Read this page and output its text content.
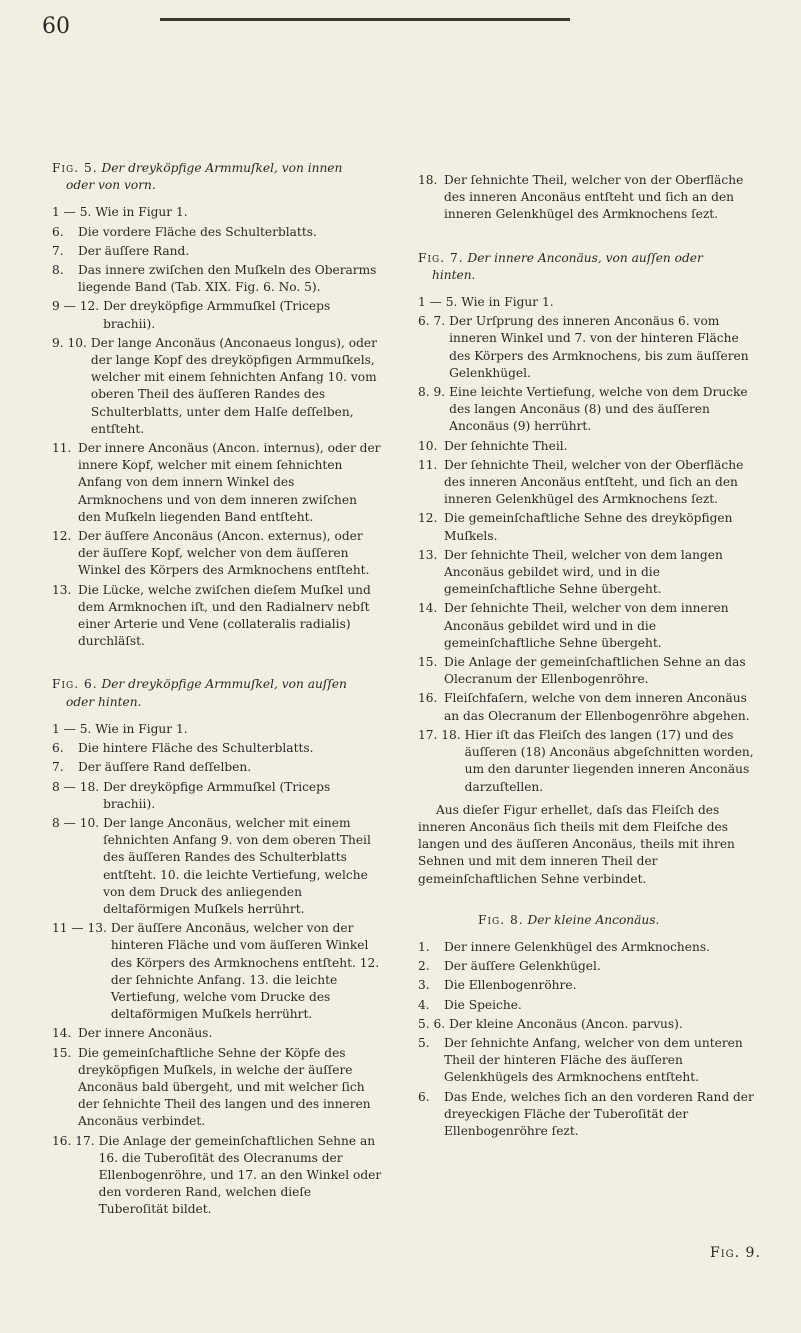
60
Fig. 5. Der dreyköpfige Armmuſkel, von innen
oder von vorn.
1 — 5. Wie in Figur 1.
6.	Die vordere Fläche des Schulterblatts.
7.	Der äuſſere Rand.
8.	Das innere zwiſchen den Muſkeln des Oberarms liegende Band (Tab. XIX. Fig. 6. No. 5).
9 — 12. Der dreyköpfige Armmuſkel (Triceps brachii).
9. 10. Der lange Anconäus (Anconaeus longus), oder der lange Kopf des dreyköpfigen Armmuſkels, welcher mit einem ſehnichten Anfang 10. vom oberen Theil des äuſſeren Randes des Schulterblatts, unter dem Halſe deſſelben, entſteht.
11. Der innere Anconäus (Ancon. internus), oder der innere Kopf, welcher mit einem ſehnichten Anfang von dem innern Winkel des Armknochens und von dem inneren zwiſchen den Muſkeln liegenden Band entſteht.
12. Der äuſſere Anconäus (Ancon. externus), oder der äuſſere Kopf, welcher von dem äuſſeren Winkel des Körpers des Armknochens entſteht.
13. Die Lücke, welche zwiſchen dieſem Muſkel und dem Armknochen iſt, und den Radialnerv nebſt einer Arterie und Vene (collateralis radialis) durchläſst.
Fig. 6. Der dreyköpfige Armmuſkel, von auſſen
oder hinten.
1 — 5. Wie in Figur 1.
6.	Die hintere Fläche des Schulterblatts.
7.	Der äuſſere Rand deſſelben.
8 — 18. Der dreyköpfige Armmuſkel (Triceps brachii).
8 — 10. Der lange Anconäus, welcher mit einem ſehnichten Anfang 9. von dem oberen Theil des äuſſeren Randes des Schulterblatts entſteht. 10. die leichte Vertiefung, welche von dem Druck des anliegenden deltaförmigen Muſkels herrührt.
11 — 13. Der äuſſere Anconäus, welcher von der hinteren Fläche und vom äuſſeren Winkel des Körpers des Armknochens entſteht. 12. der ſehnichte Anfang. 13. die leichte Vertiefung, welche vom Drucke des deltaförmigen Muſkels herrührt.
14. Der innere Anconäus.
15. Die gemeinſchaftliche Sehne der Köpfe des dreyköpfigen Muſkels, in welche der äuſſere Anconäus bald übergeht, und mit welcher ſich der ſehnichte Theil des langen und des inneren Anconäus verbindet.
16. 17. Die Anlage der gemeinſchaftlichen Sehne an 16. die Tuberoſität des Olecranums der Ellenbogenröhre, und 17. an den Winkel oder den vorderen Rand, welchen dieſe Tuberoſität bildet.
18. Der ſehnichte Theil, welcher von der Oberfläche des inneren Anconäus entſteht und ſich an den inneren Gelenkhügel des Armknochens ſezt.
Fig. 7. Der innere Anconäus, von auſſen oder
hinten.
1 — 5. Wie in Figur 1.
6. 7. Der Urſprung des inneren Anconäus 6. vom inneren Winkel und 7. von der hinteren Fläche des Körpers des Armknochens, bis zum äuſſeren Gelenkhügel.
8. 9. Eine leichte Vertiefung, welche von dem Drucke des langen Anconäus (8) und des äuſſeren Anconäus (9) herrührt.
10. Der ſehnichte Theil.
11. Der ſehnichte Theil, welcher von der Oberfläche des inneren Anconäus entſteht, und ſich an den inneren Gelenkhügel des Armknochens ſezt.
12. Die gemeinſchaftliche Sehne des dreyköpfigen Muſkels.
13. Der ſehnichte Theil, welcher von dem langen Anconäus gebildet wird, und in die gemeinſchaftliche Sehne übergeht.
14. Der ſehnichte Theil, welcher von dem inneren Anconäus gebildet wird und in die gemeinſchaftliche Sehne übergeht.
15. Die Anlage der gemeinſchaftlichen Sehne an das Olecranum der Ellenbogenröhre.
16. Fleiſchfaſern, welche von dem inneren Anconäus an das Olecranum der Ellenbogenröhre abgehen.
17. 18. Hier iſt das Fleiſch des langen (17) und des äuſſeren (18) Anconäus abgeſchnitten worden, um den darunter liegenden inneren Anconäus darzuſtellen.

Aus dieſer Figur erhellet, daſs das Fleiſch des inneren Anconäus ſich theils mit dem Fleiſche des langen und des äuſſeren Anconäus, theils mit ihren Sehnen und mit dem inneren Theil der gemeinſchaftlichen Sehne verbindet.

Fig. 8. Der kleine Anconäus.
1.	Der innere Gelenkhügel des Armknochens.
2.	Der äuſſere Gelenkhügel.
3.	Die Ellenbogenröhre.
4.	Die Speiche.
5. 6. Der kleine Anconäus (Ancon. parvus).
5.	Der ſehnichte Anfang, welcher von dem unteren Theil der hinteren Fläche des äuſſeren Gelenkhügels des Armknochens entſteht.
6.	Das Ende, welches ſich an den vorderen Rand der dreyeckigen Fläche der Tuberoſität der Ellenbogenröhre ſezt.
Fig. 9.
